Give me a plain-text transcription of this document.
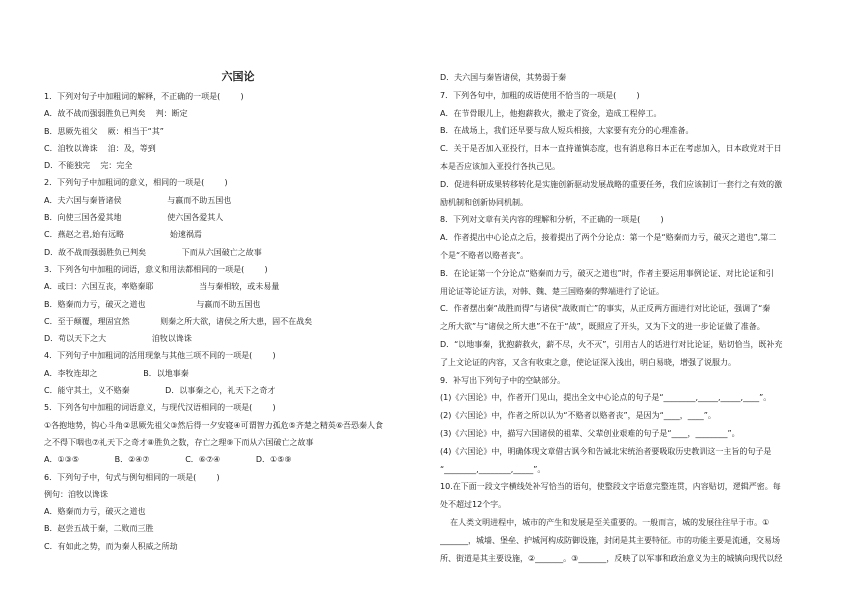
六国论
1．下列对句子中加粗词的解释，不正确的一项是(        )
A．故不战而强弱胜负已判矣    判：断定
B．思厥先祖父    厥：相当于“其”
C．洎牧以谗诛    洎：及，等到
D．不能独完    完：完全
2．下列句子中加粗词的意义，相同的一项是(        )
A．夫六国与秦皆诸侯                  与嬴而不助五国也
B．向使三国各爱其地                  使六国各爱其人
C．燕赵之君,始有远略                  始速祸焉
D．故不战而强弱胜负已判矣              下而从六国破亡之故事
3．下列各句中加粗的词语，意义和用法都相同的一项是(        )
A．或曰：六国互丧，率赂秦耶                  当与秦相较，或未易量
B．赂秦而力亏，破灭之道也                    与嬴而不助五国也
C．至于颠覆，理固宜然            则秦之所大欲，诸侯之所大患，固不在战矣
D．苟以天下之大                  洎牧以谗诛
4．下列句子中加粗词的活用现象与其他三项不同的一项是(        )
A．李牧连却之                  B．以地事秦
C．能守其土，义不赂秦              D．以事秦之心，礼天下之奇才
5．下列各句中加粗的词语意义，与现代汉语相同的一项是(        )
①各抱地势，钩心斗角②思厥先祖父③然后得一夕安寝④可谓智力孤危⑤齐楚之精英⑥吾恐秦人食
之不得下咽也⑦礼天下之奇才⑧胜负之数，存亡之理⑨下而从六国破亡之故事
A．①③⑤              B．②④⑦              C．⑥⑦④              D．①⑤⑨
6．下列句子中，句式与例句相同的一项是(        )
例句：洎牧以谗诛
A．赂秦而力亏，破灭之道也
B．赵尝五战于秦，二败而三胜
C．有如此之势，而为秦人积威之所劫
D．夫六国与秦皆诸侯，其势弱于秦
7．下列各句中，加粗的成语使用不恰当的一项是(        )
A．在节骨眼儿上，他抱薪救火，撤走了资金，造成工程停工。
B．在战场上，我们还早要与敌人短兵相接，大家要有充分的心理准备。
C．关于是否加入亚投行，日本一直持谨慎态度，也有消息称日本正在考虑加入，日本政党对于日
本是否应该加入亚投行各执己见。
D．促进科研成果转移转化是实施创新驱动发展战略的重要任务，我们应该制订一套行之有效的激
励机制和创新协同机制。
8．下列对文章有关内容的理解和分析，不正确的一项是(        )
A．作者提出中心论点之后，接着提出了两个分论点：第一个是“赂秦而力亏，破灭之道也”,第二
个是“不赂者以赂者丧”。
B．在论证第一个分论点“赂秦而力亏，破灭之道也”时，作者主要运用事例论证、对比论证和引
用论证等论证方法，对韩、魏、楚三国赂秦的弊端进行了论证。
C．作者摆出秦“战胜而得”与诸侯“战败而亡”的事实，从正反两方面进行对比论证，强调了“秦
之所大欲”与“诸侯之所大患”不在于“战”，既照应了开头，又为下文的进一步论证做了准备。
D．“以地事秦，犹抱薪救火，薪不尽，火不灭”，引用古人的话进行对比论证，贴切恰当，既补充
了上文论证的内容，又含有收束之意，使论证深入浅出，明白易晓，增强了说服力。
9．补写出下列句子中的空缺部分。
(1)《六国论》中，作者开门见山，提出全文中心论点的句子是“________,_____,_____,____”。
(2)《六国论》中，作者之所以认为“不赂者以赂者丧”，是因为“____，____”。
(3)《六国论》中，描写六国诸侯的祖辈、父辈创业艰难的句子是“____，________”。
(4)《六国论》中，明确体现文章借古讽今和告诫北宋统治者要吸取历史教训这一主旨的句子是
“________,________,_____”。
10.在下面一段文字横线处补写恰当的语句，使整段文字语意完整连贯，内容贴切，逻辑严密。每
处不超过12个字。
在人类文明进程中，城市的产生和发展是至关重要的。一般而言，城的发展往往早于市。①
_______，城墙、堡垒、护城河构成防御设施，封闭是其主要特征。市的功能主要是流通，交易场
所、街道是其主要设施，②_______。③_______，反映了以军事和政治意义为主的城镇向现代以经
